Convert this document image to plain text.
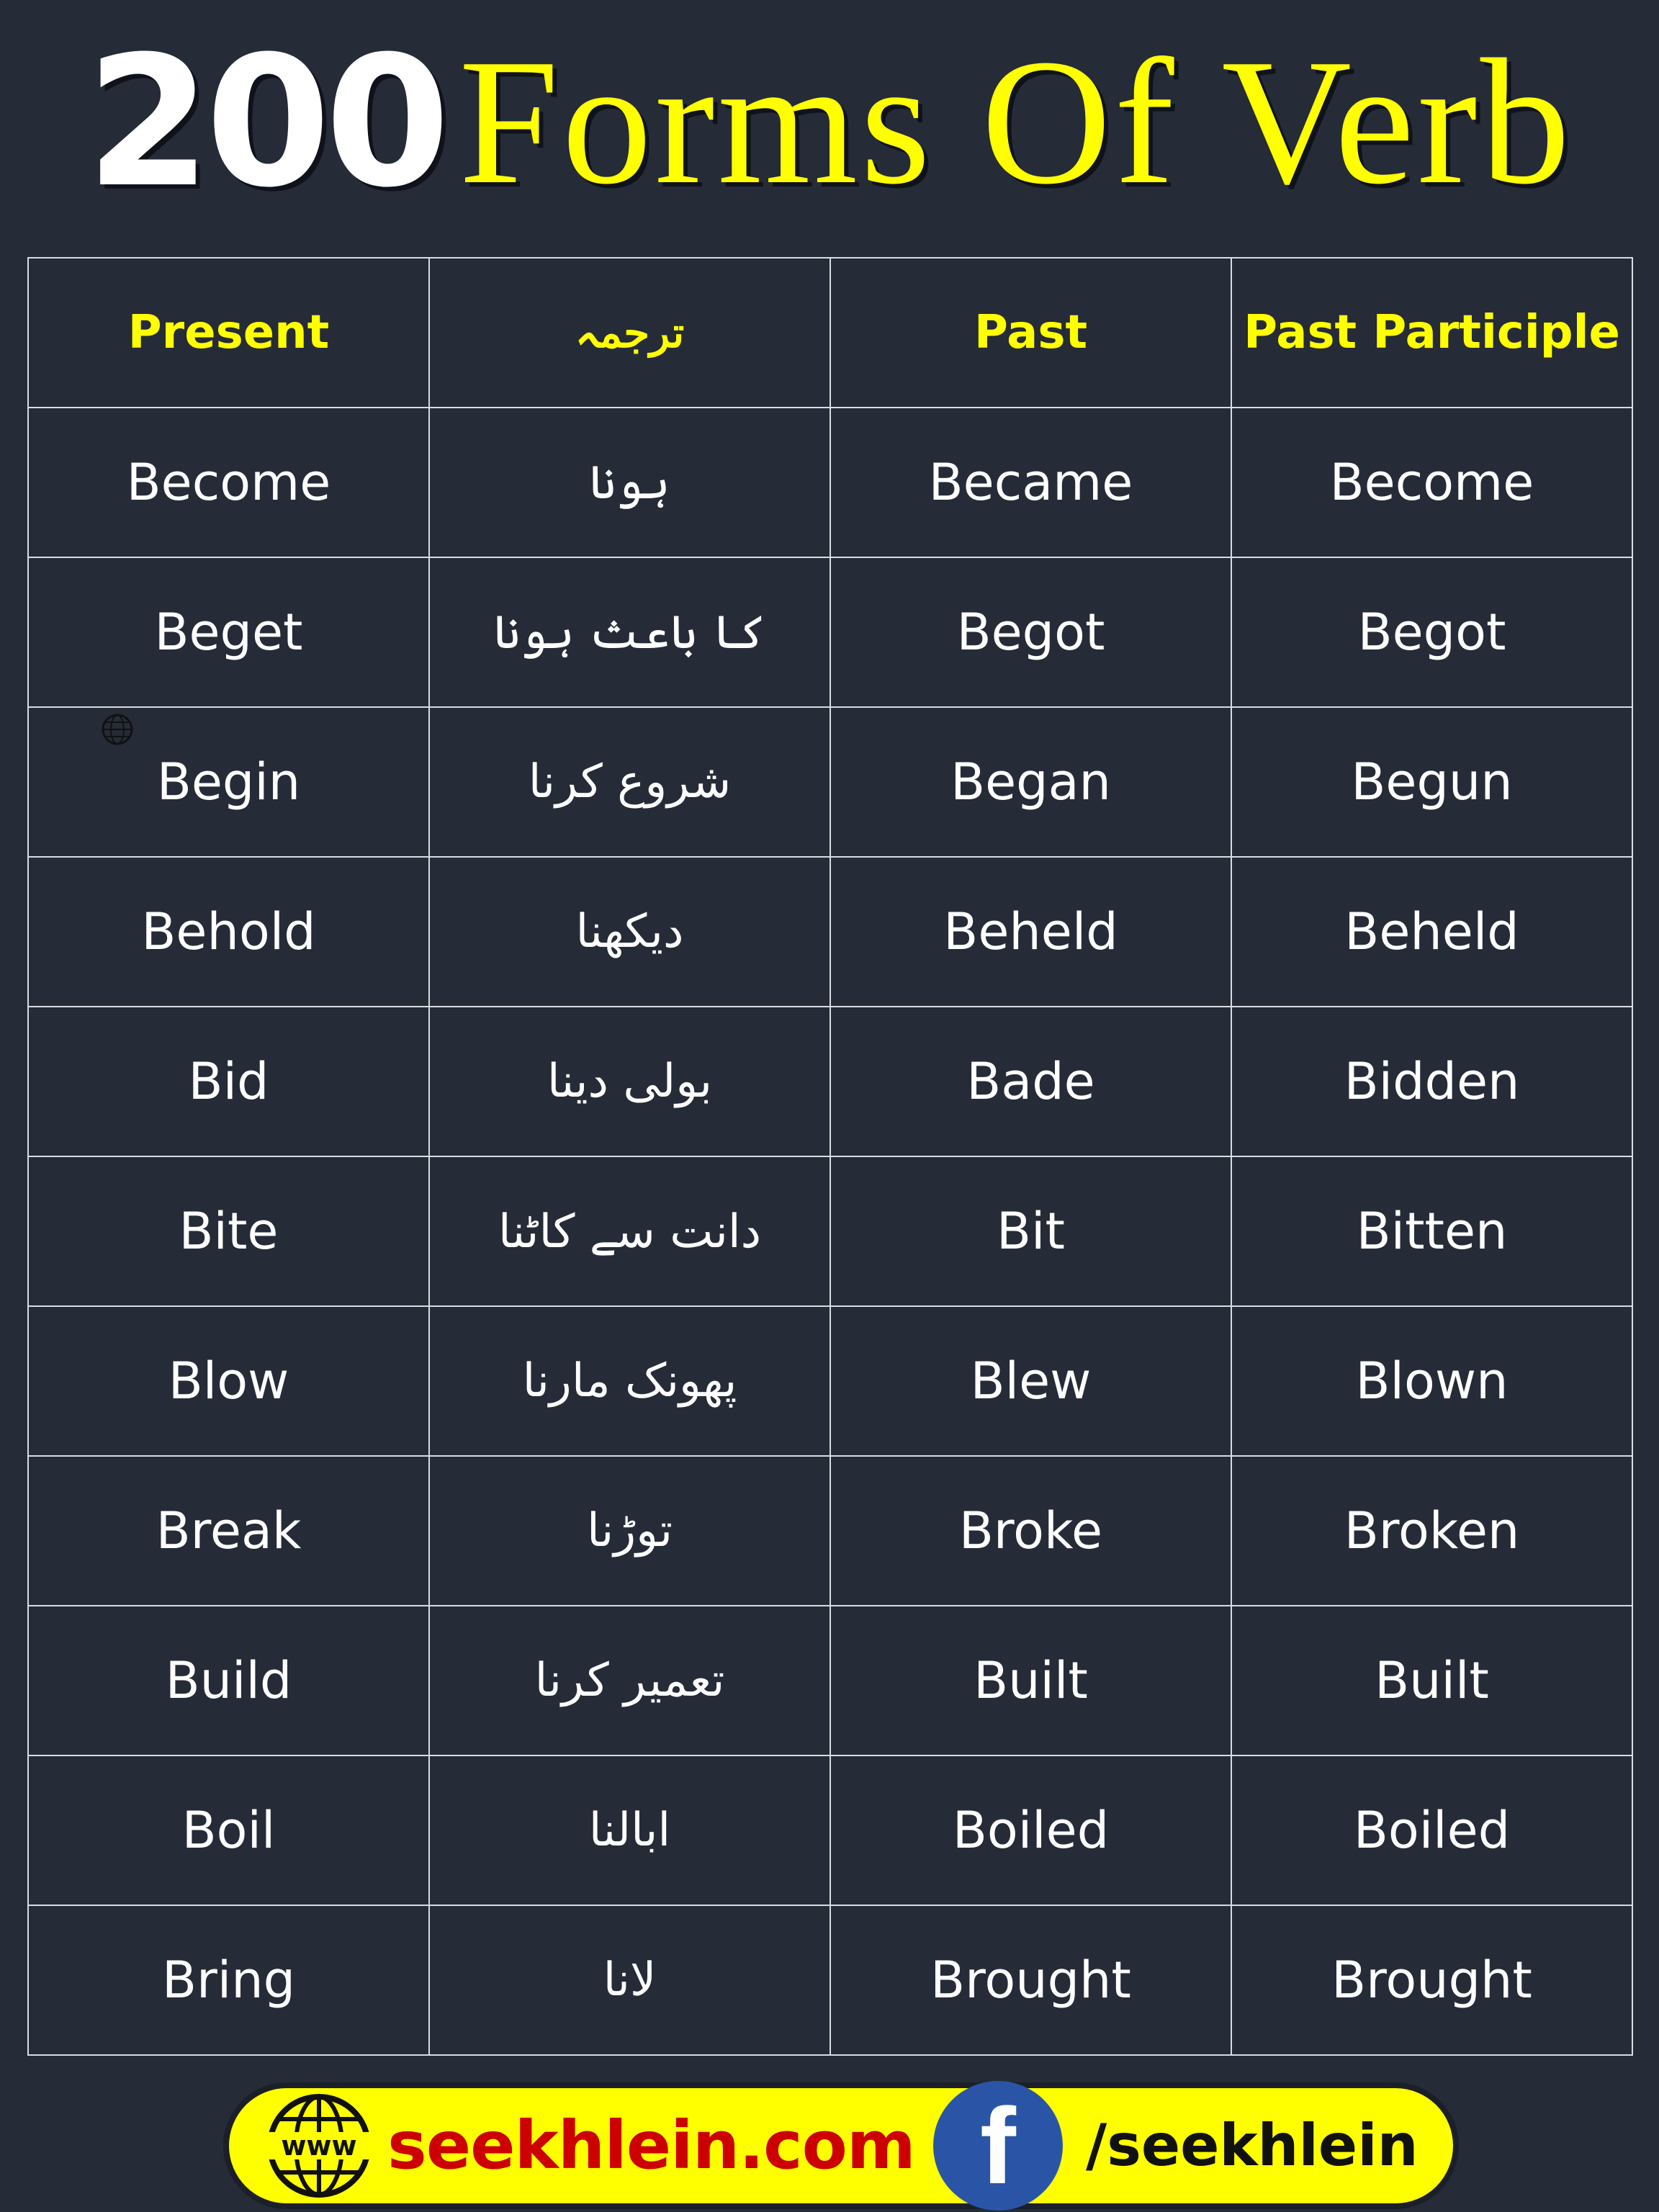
200Forms Of Verb
Present	ترجمہ	Past	Past Participle
Become	ہونا	Became	Become
Beget	کا باعث ہونا	Begot	Begot
Begin	شروع کرنا	Began	Begun
Behold	دیکھنا	Beheld	Beheld
Bid	بولی دینا	Bade	Bidden
Bite	دانت سے کاٹنا	Bit	Bitten
Blow	پھونک مارنا	Blew	Blown
Break	توڑنا	Broke	Broken
Build	تعمیر کرنا	Built	Built
Boil	ابالنا	Boiled	Boiled
Bring	لانا	Brought	Brought
www seekhlein.com f	/seekhlein
